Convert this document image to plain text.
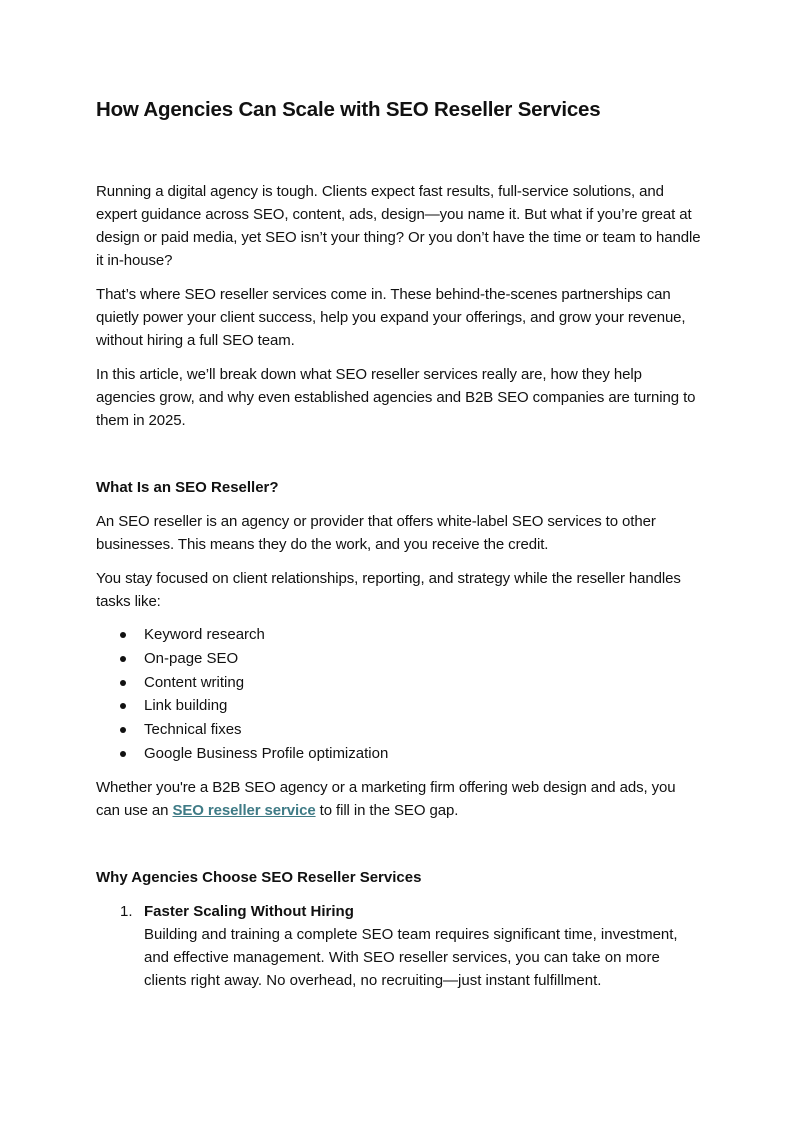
How Agencies Can Scale with SEO Reseller Services

Running a digital agency is tough. Clients expect fast results, full-service solutions, and expert guidance across SEO, content, ads, design—you name it. But what if you’re great at design or paid media, yet SEO isn’t your thing? Or you don’t have the time or team to handle it in-house?

That’s where SEO reseller services come in. These behind-the-scenes partnerships can quietly power your client success, help you expand your offerings, and grow your revenue, without hiring a full SEO team.

In this article, we’ll break down what SEO reseller services really are, how they help agencies grow, and why even established agencies and B2B SEO companies are turning to them in 2025.

What Is an SEO Reseller?

An SEO reseller is an agency or provider that offers white-label SEO services to other businesses. This means they do the work, and you receive the credit.

You stay focused on client relationships, reporting, and strategy while the reseller handles tasks like:

Keyword research
On-page SEO
Content writing
Link building
Technical fixes
Google Business Profile optimization

Whether you're a B2B SEO agency or a marketing firm offering web design and ads, you can use an SEO reseller service to fill in the SEO gap.

Why Agencies Choose SEO Reseller Services
1. Faster Scaling Without Hiring
Building and training a complete SEO team requires significant time, investment, and effective management. With SEO reseller services, you can take on more clients right away. No overhead, no recruiting—just instant fulfillment.
